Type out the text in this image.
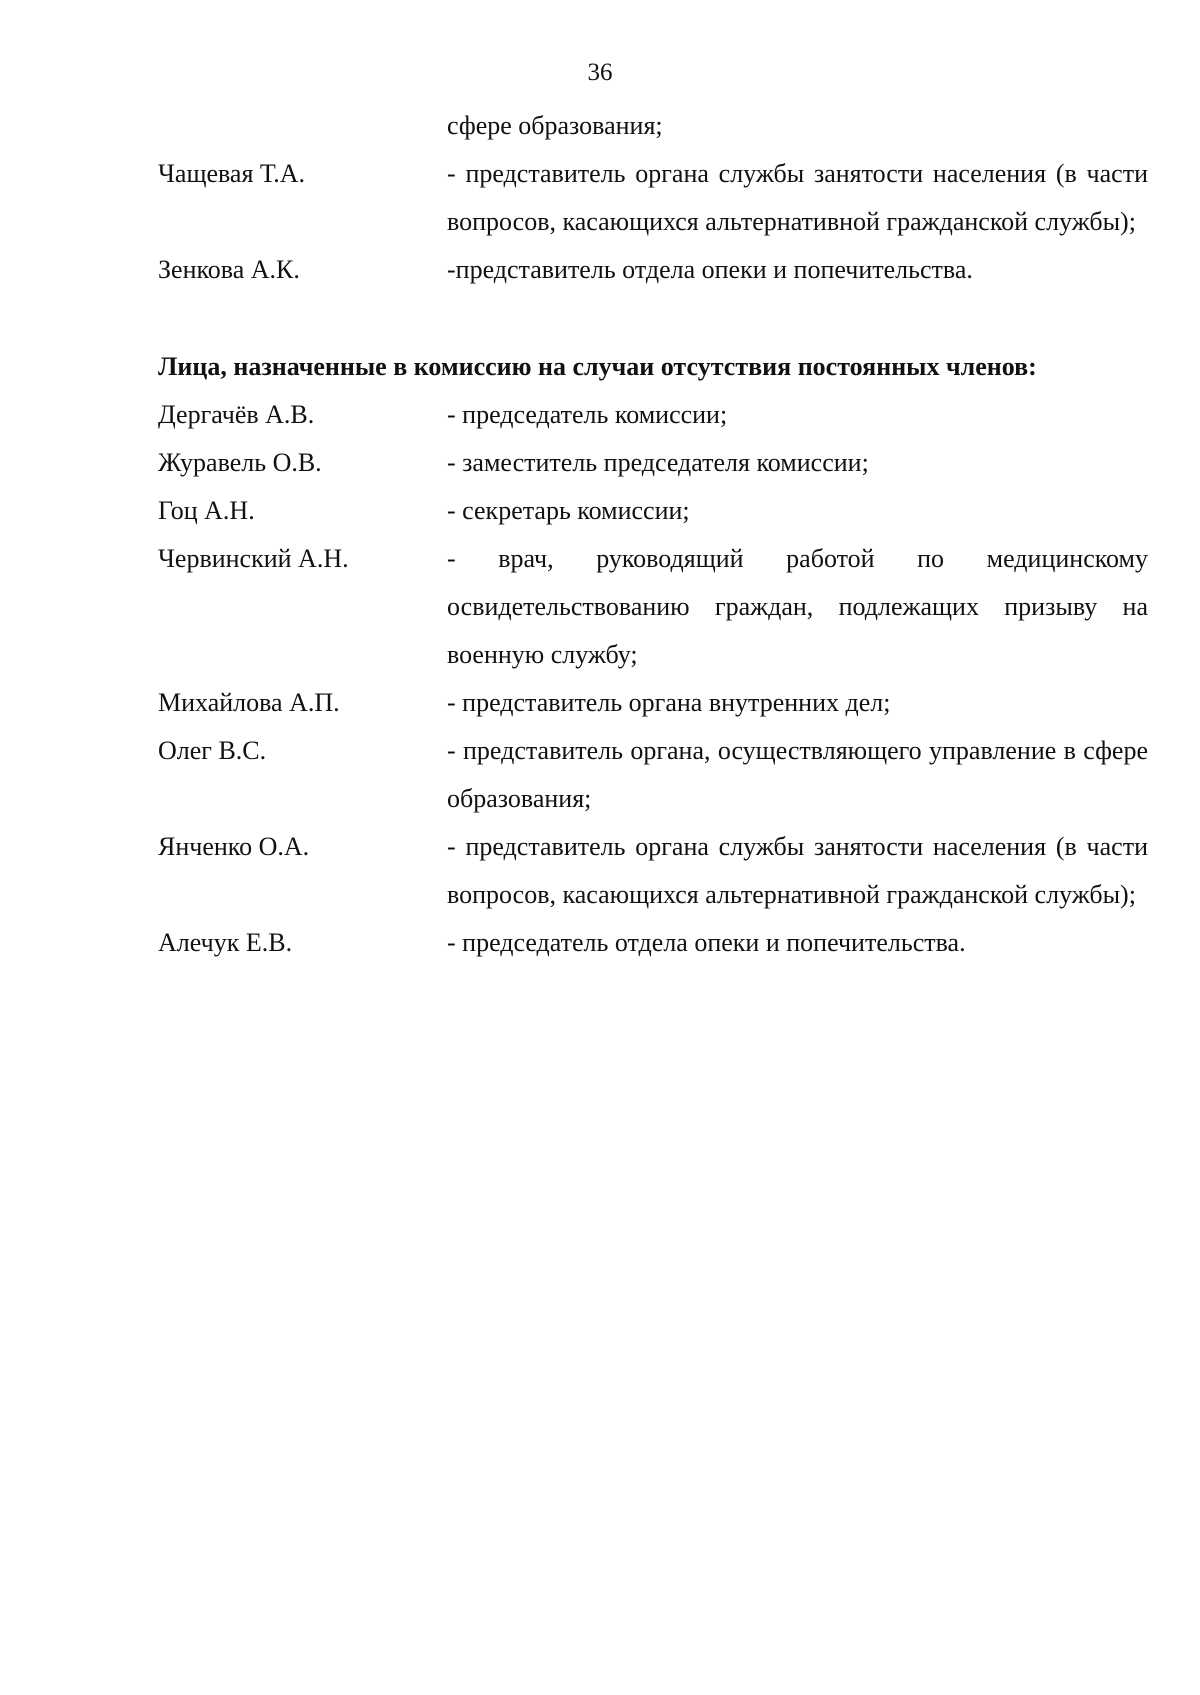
36
сфере образования;
Чащевая Т.А.	- представитель органа службы занятости населения (в части вопросов, касающихся альтернативной гражданской службы);
Зенкова А.К.	-представитель отдела опеки и попечительства.
Лица, назначенные в комиссию на случаи отсутствия постоянных членов:
Дергачёв А.В.	- председатель комиссии;
Журавель О.В.	- заместитель председателя комиссии;
Гоц А.Н.	- секретарь комиссии;
Червинский А.Н.	- врач, руководящий работой по медицинскому освидетельствованию граждан, подлежащих призыву на военную службу;
Михайлова А.П.	- представитель органа внутренних дел;
Олег В.С.	- представитель органа, осуществляющего управление в сфере образования;
Янченко О.А.	- представитель органа службы занятости населения (в части вопросов, касающихся альтернативной гражданской службы);
Алечук Е.В.	- председатель отдела опеки и попечительства.
